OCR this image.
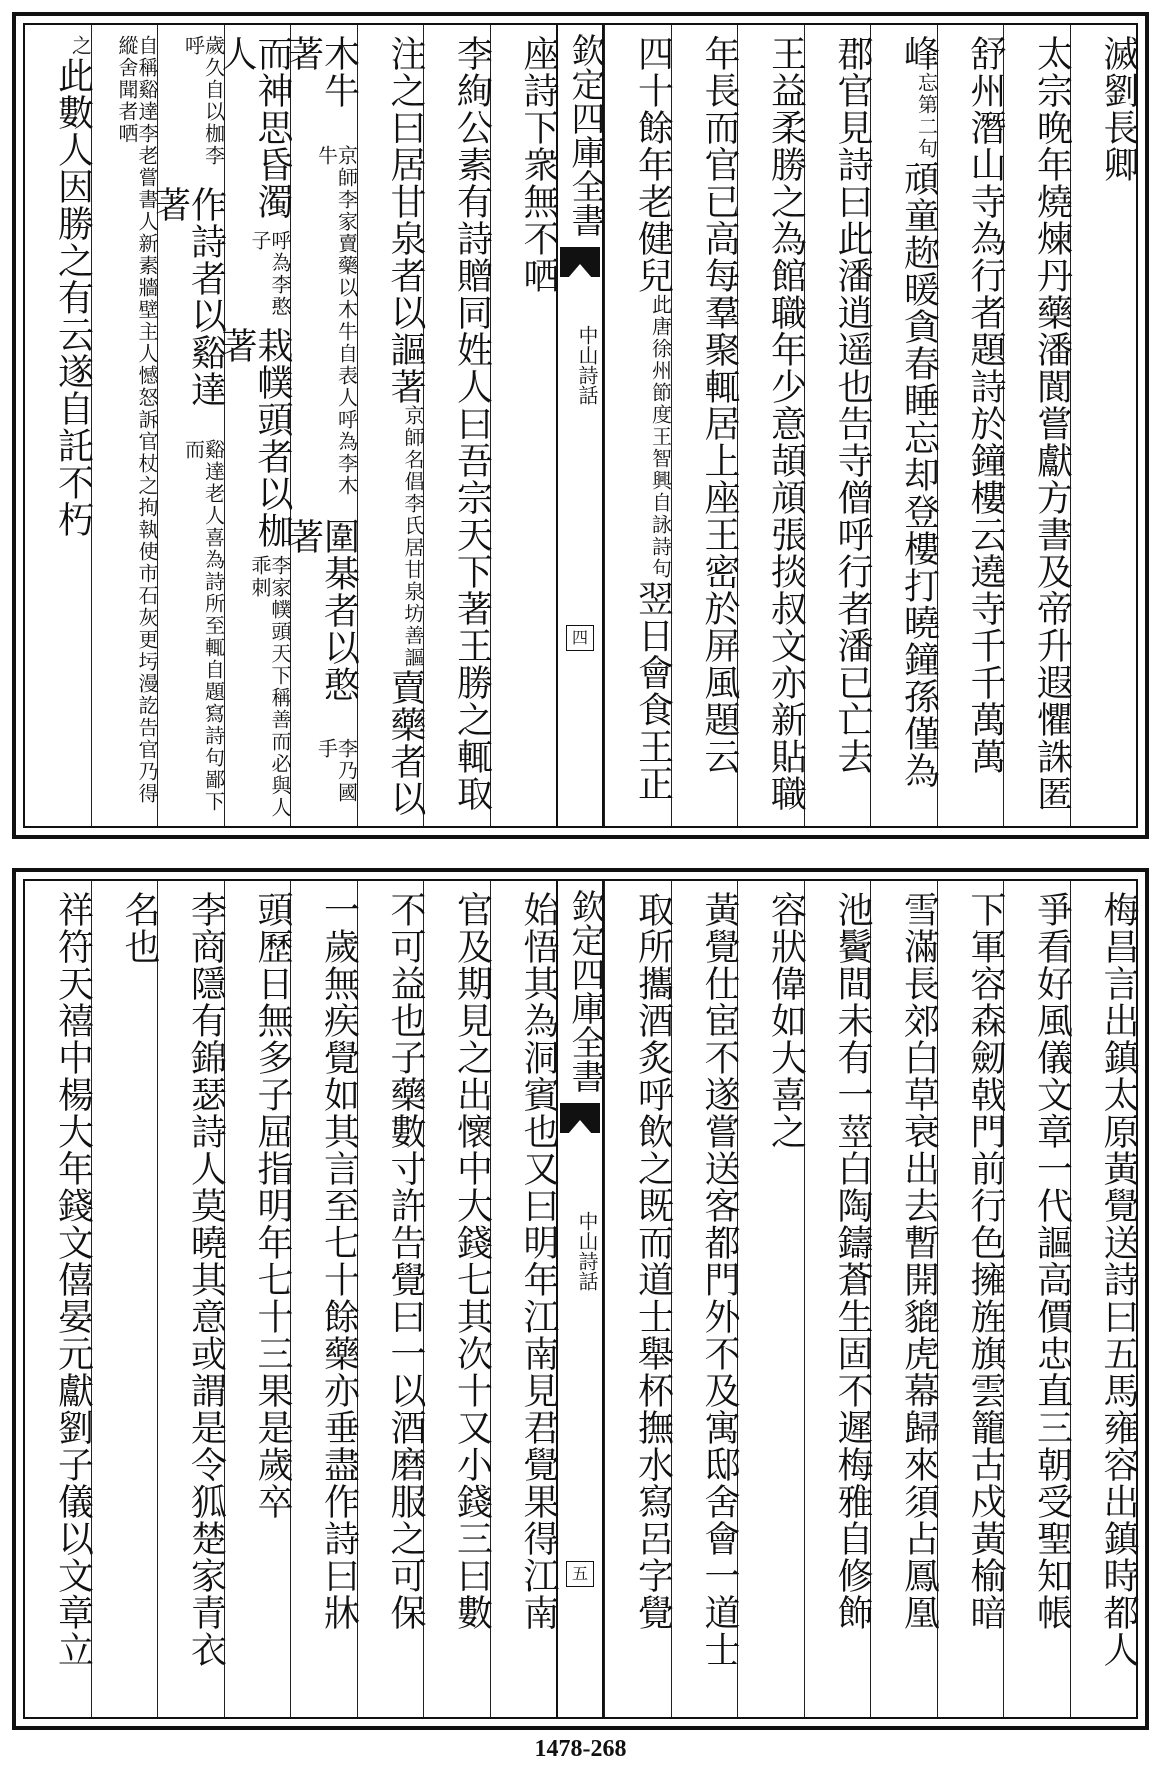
滅劉長卿
太宗晚年燒煉丹藥潘閬嘗獻方書及帝升遐懼誅匿
舒州潛山寺為行者題詩於鐘樓云遶寺千千萬萬
峰
忘第二句
頑童趂暖貪春睡忘却登樓打曉鐘孫僅為
郡官見詩曰此潘逍遥也告寺僧呼行者潘已亡去
王益柔勝之為館職年少意頡頏張掞叔文亦新貼職
年長而官已高每羣聚輒居上座王密於屏風題云
四十餘年老健兒
此唐徐州節度王智興自詠詩句
翌日會食王正
欽定四庫全書
中山詩話
四
座詩下衆無不哂
李絢公素有詩贈同姓人曰吾宗天下著王勝之輒取
注之曰居甘泉者以謳著
京師名倡李氏居甘泉坊善謳
賣藥者以
木牛著
京師李家賣藥以木牛自表人呼為李木牛
圍棊者以憨著
李乃國手
而神思昏濁人
呼為李憨子
栽幞頭者以枷著
李家幞頭天下稱善而必與人乖刺
歲久自以枷李呼
作詩者以谿達著
谿達老人喜為詩所至輒自題寫詩句鄙下而
自稱谿達李老嘗書人新素牆壁主人憾怒訴官杖之拘執使市石灰更圬漫訖告官乃得縱舍聞者哂
之
此數人因勝之有云遂自託不朽
梅昌言出鎮太原黃覺送詩曰五馬雍容出鎮時都人
爭看好風儀文章一代謳高價忠直三朝受聖知帳
下軍容森劒戟門前行色擁旌旗雲籠古戍黃榆暗
雪滿長郊白草衰出去暫開貔虎幕歸來須占鳳凰
池鬢間未有一莖白陶鑄蒼生固不遲梅雅自修飾
容狀偉如大喜之
黃覺仕宦不遂嘗送客都門外不及寓邸舍會一道士
取所攜酒炙呼飲之既而道士舉杯撫水寫呂字覺
欽定四庫全書
中山詩話
五
始悟其為洞賓也又曰明年江南見君覺果得江南
官及期見之出懷中大錢七其次十又小錢三曰數
不可益也子藥數寸許告覺曰一以酒磨服之可保
一歲無疾覺如其言至七十餘藥亦垂盡作詩曰牀
頭歷日無多子屈指明年七十三果是歲卒
李商隱有錦瑟詩人莫曉其意或謂是令狐楚家青衣
名也
祥符天禧中楊大年錢文僖晏元獻劉子儀以文章立
1478-268
